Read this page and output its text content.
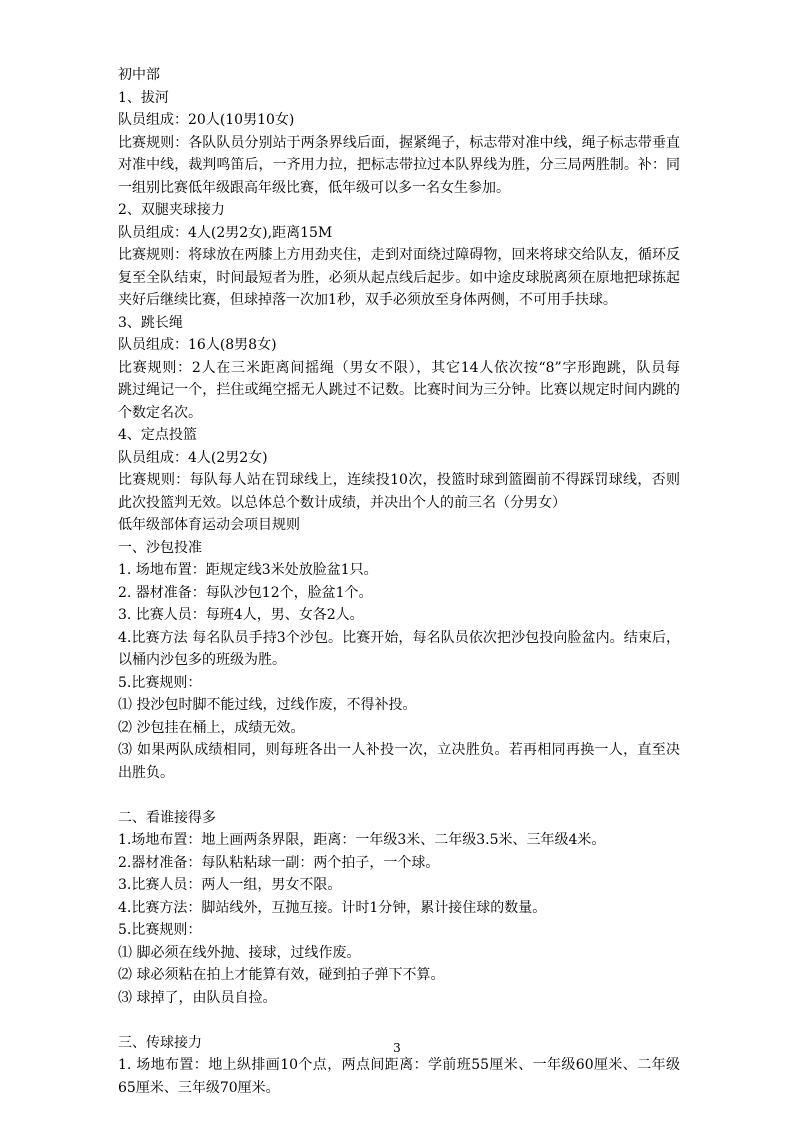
初中部
1、拔河
队员组成：20人(10男10女)
比赛规则：各队队员分别站于两条界线后面，握紧绳子，标志带对准中线，绳子标志带垂直
对准中线，裁判鸣笛后，一齐用力拉，把标志带拉过本队界线为胜，分三局两胜制。补：同
一组别比赛低年级跟高年级比赛，低年级可以多一名女生参加。
2、双腿夹球接力
队员组成：4人(2男2女),距离15M
比赛规则：将球放在两膝上方用劲夹住，走到对面绕过障碍物，回来将球交给队友，循环反
复至全队结束，时间最短者为胜，必须从起点线后起步。如中途皮球脱离须在原地把球拣起
夹好后继续比赛，但球掉落一次加1秒，双手必须放至身体两侧，不可用手扶球。
3、跳长绳
队员组成：16人(8男8女)
比赛规则：2人在三米距离间摇绳（男女不限），其它14人依次按“8”字形跑跳，队员每
跳过绳记一个，拦住或绳空摇无人跳过不记数。比赛时间为三分钟。比赛以规定时间内跳的
个数定名次。
4、定点投篮
队员组成：4人(2男2女)
比赛规则：每队每人站在罚球线上，连续投10次，投篮时球到篮圈前不得踩罚球线，否则
此次投篮判无效。以总体总个数计成绩，并决出个人的前三名（分男女）
低年级部体育运动会项目规则
一、沙包投准
1. 场地布置：距规定线3米处放脸盆1只。
2. 器材准备：每队沙包12个，脸盆1个。
3. 比赛人员：每班4人，男、女各2人。
4.比赛方法 每名队员手持3个沙包。比赛开始，每名队员依次把沙包投向脸盆内。结束后，
以桶内沙包多的班级为胜。
5.比赛规则：
⑴ 投沙包时脚不能过线，过线作废，不得补投。
⑵ 沙包挂在桶上，成绩无效。
⑶ 如果两队成绩相同，则每班各出一人补投一次，立决胜负。若再相同再换一人，直至决
出胜负。
二、看谁接得多
1.场地布置：地上画两条界限，距离：一年级3米、二年级3.5米、三年级4米。
2.器材准备：每队粘粘球一副：两个拍子，一个球。
3.比赛人员：两人一组，男女不限。
4.比赛方法：脚站线外，互抛互接。计时1分钟，累计接住球的数量。
5.比赛规则：
⑴ 脚必须在线外抛、接球，过线作废。
⑵ 球必须粘在拍上才能算有效，碰到拍子弹下不算。
⑶ 球掉了，由队员自捡。
三、传球接力
1. 场地布置：地上纵排画10个点，两点间距离：学前班55厘米、一年级60厘米、二年级
65厘米、三年级70厘米。
3
